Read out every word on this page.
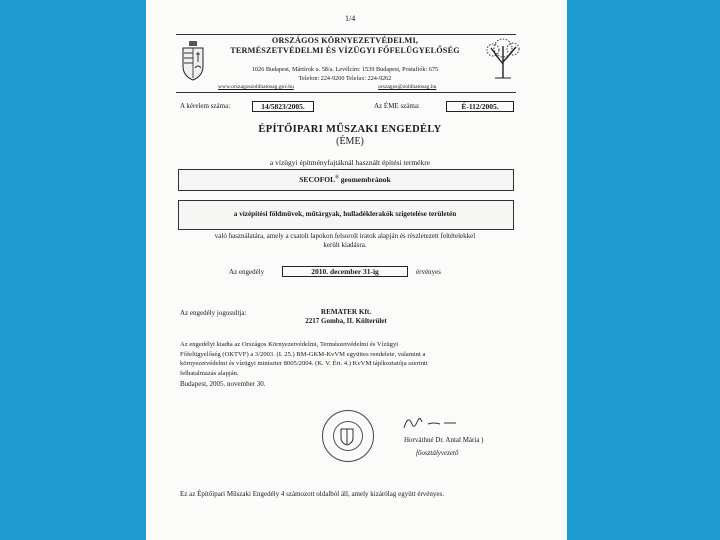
1/4
ORSZÁGOS KÖRNYEZETVÉDELMI,
TERMÉSZETVÉDELMI ÉS VÍZÜGYI FŐFELÜGYELŐSÉG
1026 Budapest, Mártírok u. 58/a. Levélcím: 1539 Budapest, Postafiók: 675
Telefon: 224-9200 Telefax: 224-9262
www.orszagoszoldhatosag.gov.hu	orszagos@zoldhatosag.hu
A kérelem száma:	14/5823/2005.	Az ÉME száma:	É-112/2005.
ÉPÍTŐIPARI MŰSZAKI ENGEDÉLY
(ÉME)
a vízügyi építményfajtáknál használt építési termékre
SECOFOL® geomembránok
a vízépítési földművek, műtárgyak, hulladéklerakók szigetelése területén
való használatára, amely a csatolt lapokon felsorolt iratok alapján és részletezett feltételekkel
került kiadásra.
Az engedély	2010. december 31-ig	érvényes
Az engedély jogosultja:	REMATER Kft.
2217 Gomba, II. Külterület
Az engedélyt kiadta az Országos Környezetvédelmi, Természetvédelmi és Vízügyi
Főfelügyelőség (OKTVF) a 3/2003. (I. 25.) BM-GKM-KvVM együttes rendelete, valamint a
környezetvédelmi és vízügyi miniszter 8005/2004. (K. V. Ért. 4.) KvVM tájékoztatója szerinti
felhatalmazás alapján.
Budapest, 2005. november 30.
Horváthné Dr. Antal Mária )
főosztályvezető
Ez az Építőipari Műszaki Engedély 4 számozott oldalból áll, amely kizárólag együtt érvényes.
